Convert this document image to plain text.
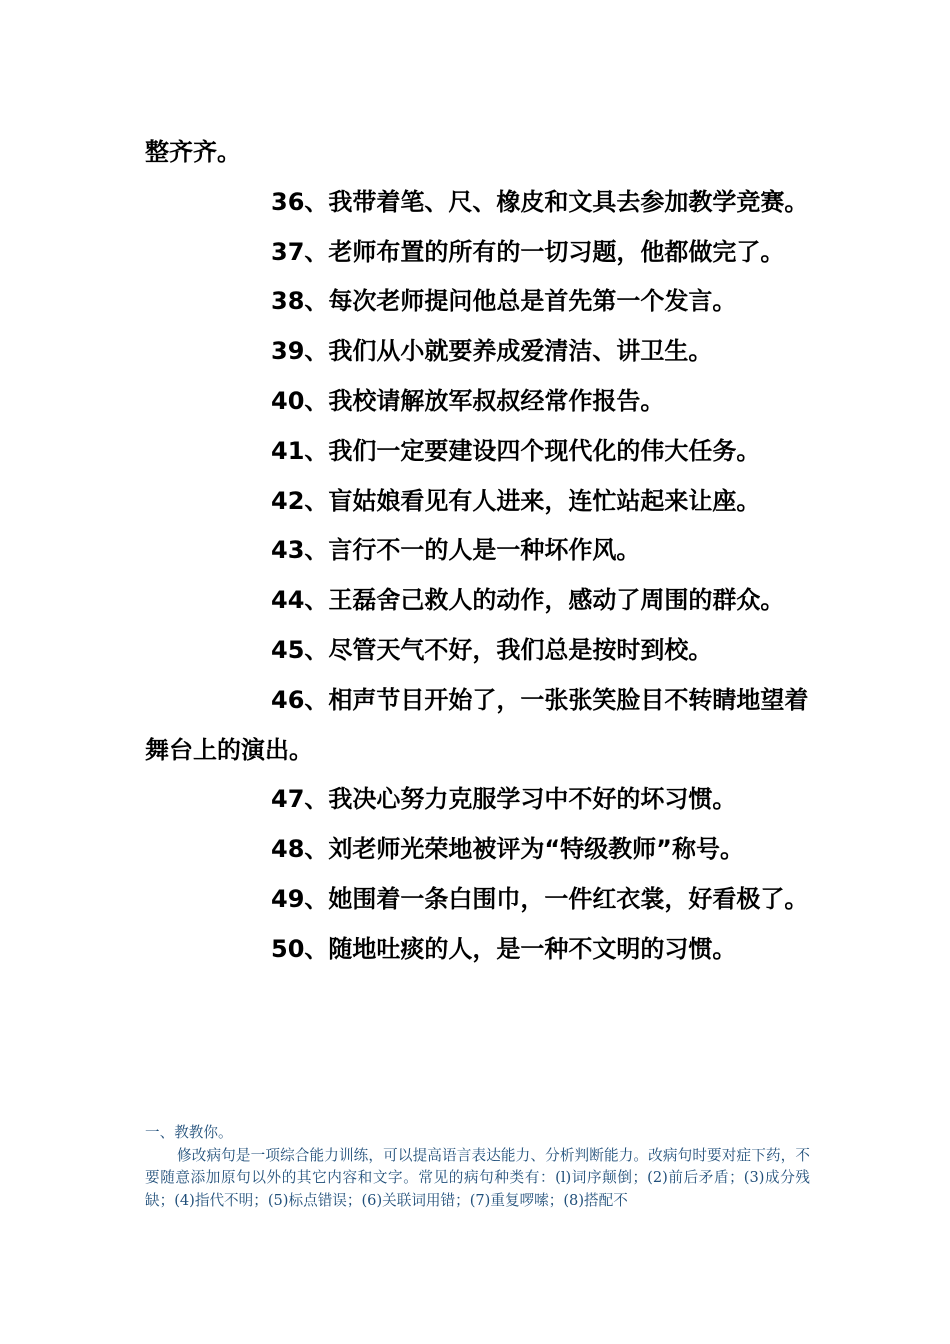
整齐齐。

36、我带着笔、尺、橡皮和文具去参加教学竞赛。

37、老师布置的所有的一切习题，他都做完了。

38、每次老师提问他总是首先第一个发言。

39、我们从小就要养成爱清洁、讲卫生。

40、我校请解放军叔叔经常作报告。

41、我们一定要建设四个现代化的伟大任务。

42、盲姑娘看见有人进来，连忙站起来让座。

43、言行不一的人是一种坏作风。

44、王磊舍己救人的动作，感动了周围的群众。

45、尽管天气不好，我们总是按时到校。

46、相声节目开始了，一张张笑脸目不转睛地望着舞台上的演出。

47、我决心努力克服学习中不好的坏习惯。

48、刘老师光荣地被评为“特级教师”称号。

49、她围着一条白围巾，一件红衣裳，好看极了。

50、随地吐痰的人，是一种不文明的习惯。

一、教教你。

修改病句是一项综合能力训练，可以提高语言表达能力、分析判断能力。改病句时要对症下药，不要随意添加原句以外的其它内容和文字。常见的病句种类有：(l)词序颠倒；(2)前后矛盾；(3)成分残缺；(4)指代不明；(5)标点错误；(6)关联词用错；(7)重复啰嗦；(8)搭配不
